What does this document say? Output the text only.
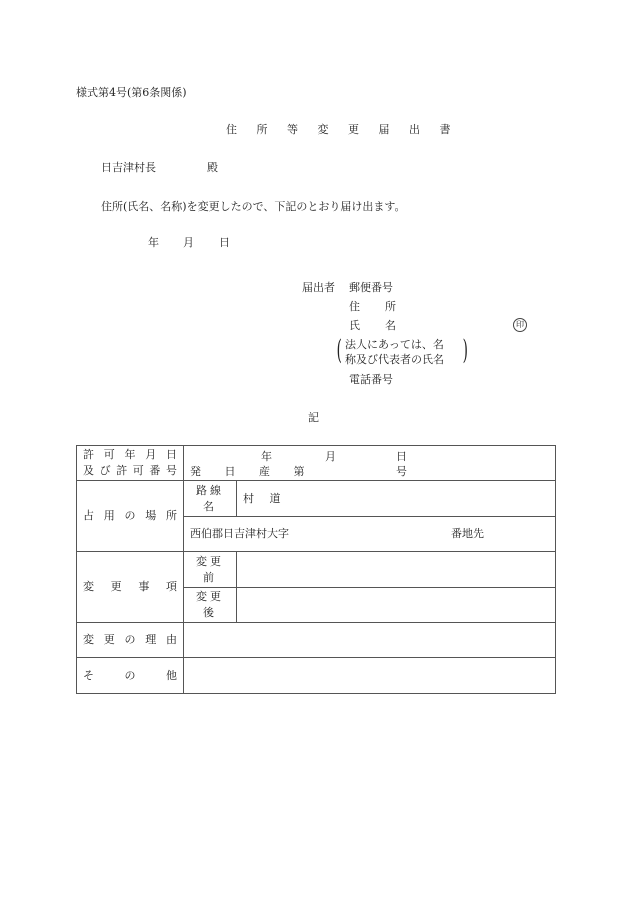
様式第4号(第6条関係)
住 所 等 変 更 届 出 書
日吉津村長	殿
住所(氏名、名称)を変更したので、下記のとおり届け出ます。
年 月 日
届出者 郵便番号
住 所
氏 名	印
( 法人にあっては、名
称及び代表者の氏名 )
電話番号
記
許可年月日
及び許可番号

年	月	日
発 日 産 第	号

占用の場所	路線名	村 道

	西伯郡日吉津村大字 番地先	

変更事項	変更前	
	変更後	

変更の理由		

その他		
